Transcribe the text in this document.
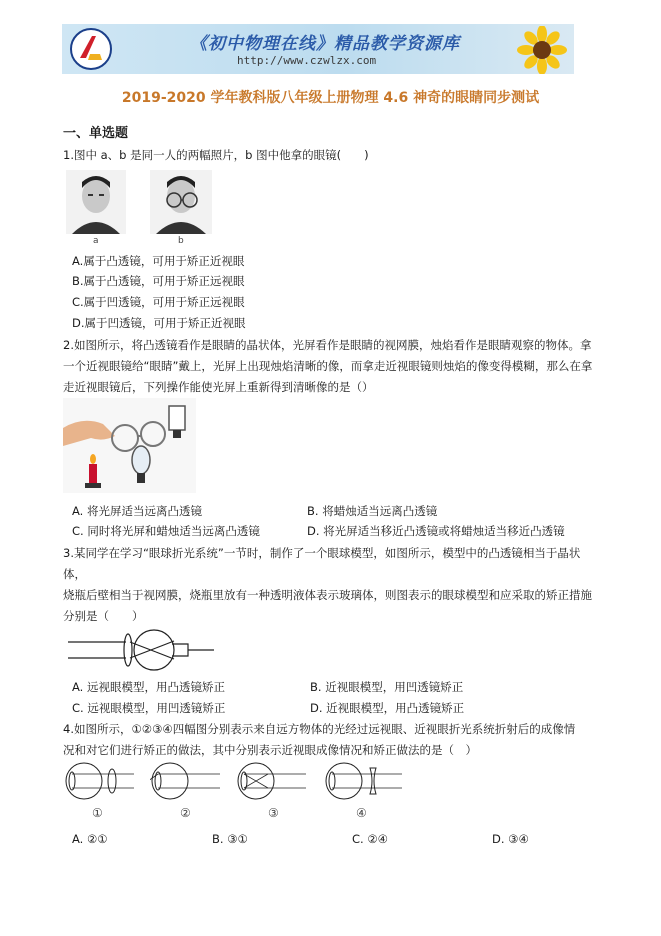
《初中物理在线》精品教学资源库
http://www.czwlzx.com
2019-2020 学年教科版八年级上册物理 4.6 神奇的眼睛同步测试
一、单选题
1.图中 a、b 是同一人的两幅照片，b 图中他拿的眼镜(　　)
a	b
A.属于凸透镜，可用于矫正近视眼
B.属于凸透镜，可用于矫正远视眼
C.属于凹透镜，可用于矫正远视眼
D.属于凹透镜，可用于矫正近视眼
2.如图所示，将凸透镜看作是眼睛的晶状体，光屏看作是眼睛的视网膜，烛焰看作是眼睛观察的物体。拿
一个近视眼镜给“眼睛”戴上，光屏上出现烛焰清晰的像，而拿走近视眼镜则烛焰的像变得模糊，那么在拿
走近视眼镜后，下列操作能使光屏上重新得到清晰像的是（）
A. 将光屏适当远离凸透镜	B. 将蜡烛适当远离凸透镜
C. 同时将光屏和蜡烛适当远离凸透镜	D. 将光屏适当移近凸透镜或将蜡烛适当移近凸透镜
3.某同学在学习“眼球折光系统”一节时，制作了一个眼球模型，如图所示，模型中的凸透镜相当于晶状体，
烧瓶后壁相当于视网膜，烧瓶里放有一种透明液体表示玻璃体，则图表示的眼球模型和应采取的矫正措施
分别是（　　）
A. 远视眼模型，用凸透镜矫正	B. 近视眼模型，用凹透镜矫正
C. 远视眼模型，用凹透镜矫正	D. 近视眼模型，用凸透镜矫正
4.如图所示，①②③④四幅图分别表示来自远方物体的光经过远视眼、近视眼折光系统折射后的成像情
况和对它们进行矫正的做法，其中分别表示近视眼成像情况和矫正做法的是（　）
①	②	③	④
A. ②①	B. ③①	C. ②④	D. ③④
